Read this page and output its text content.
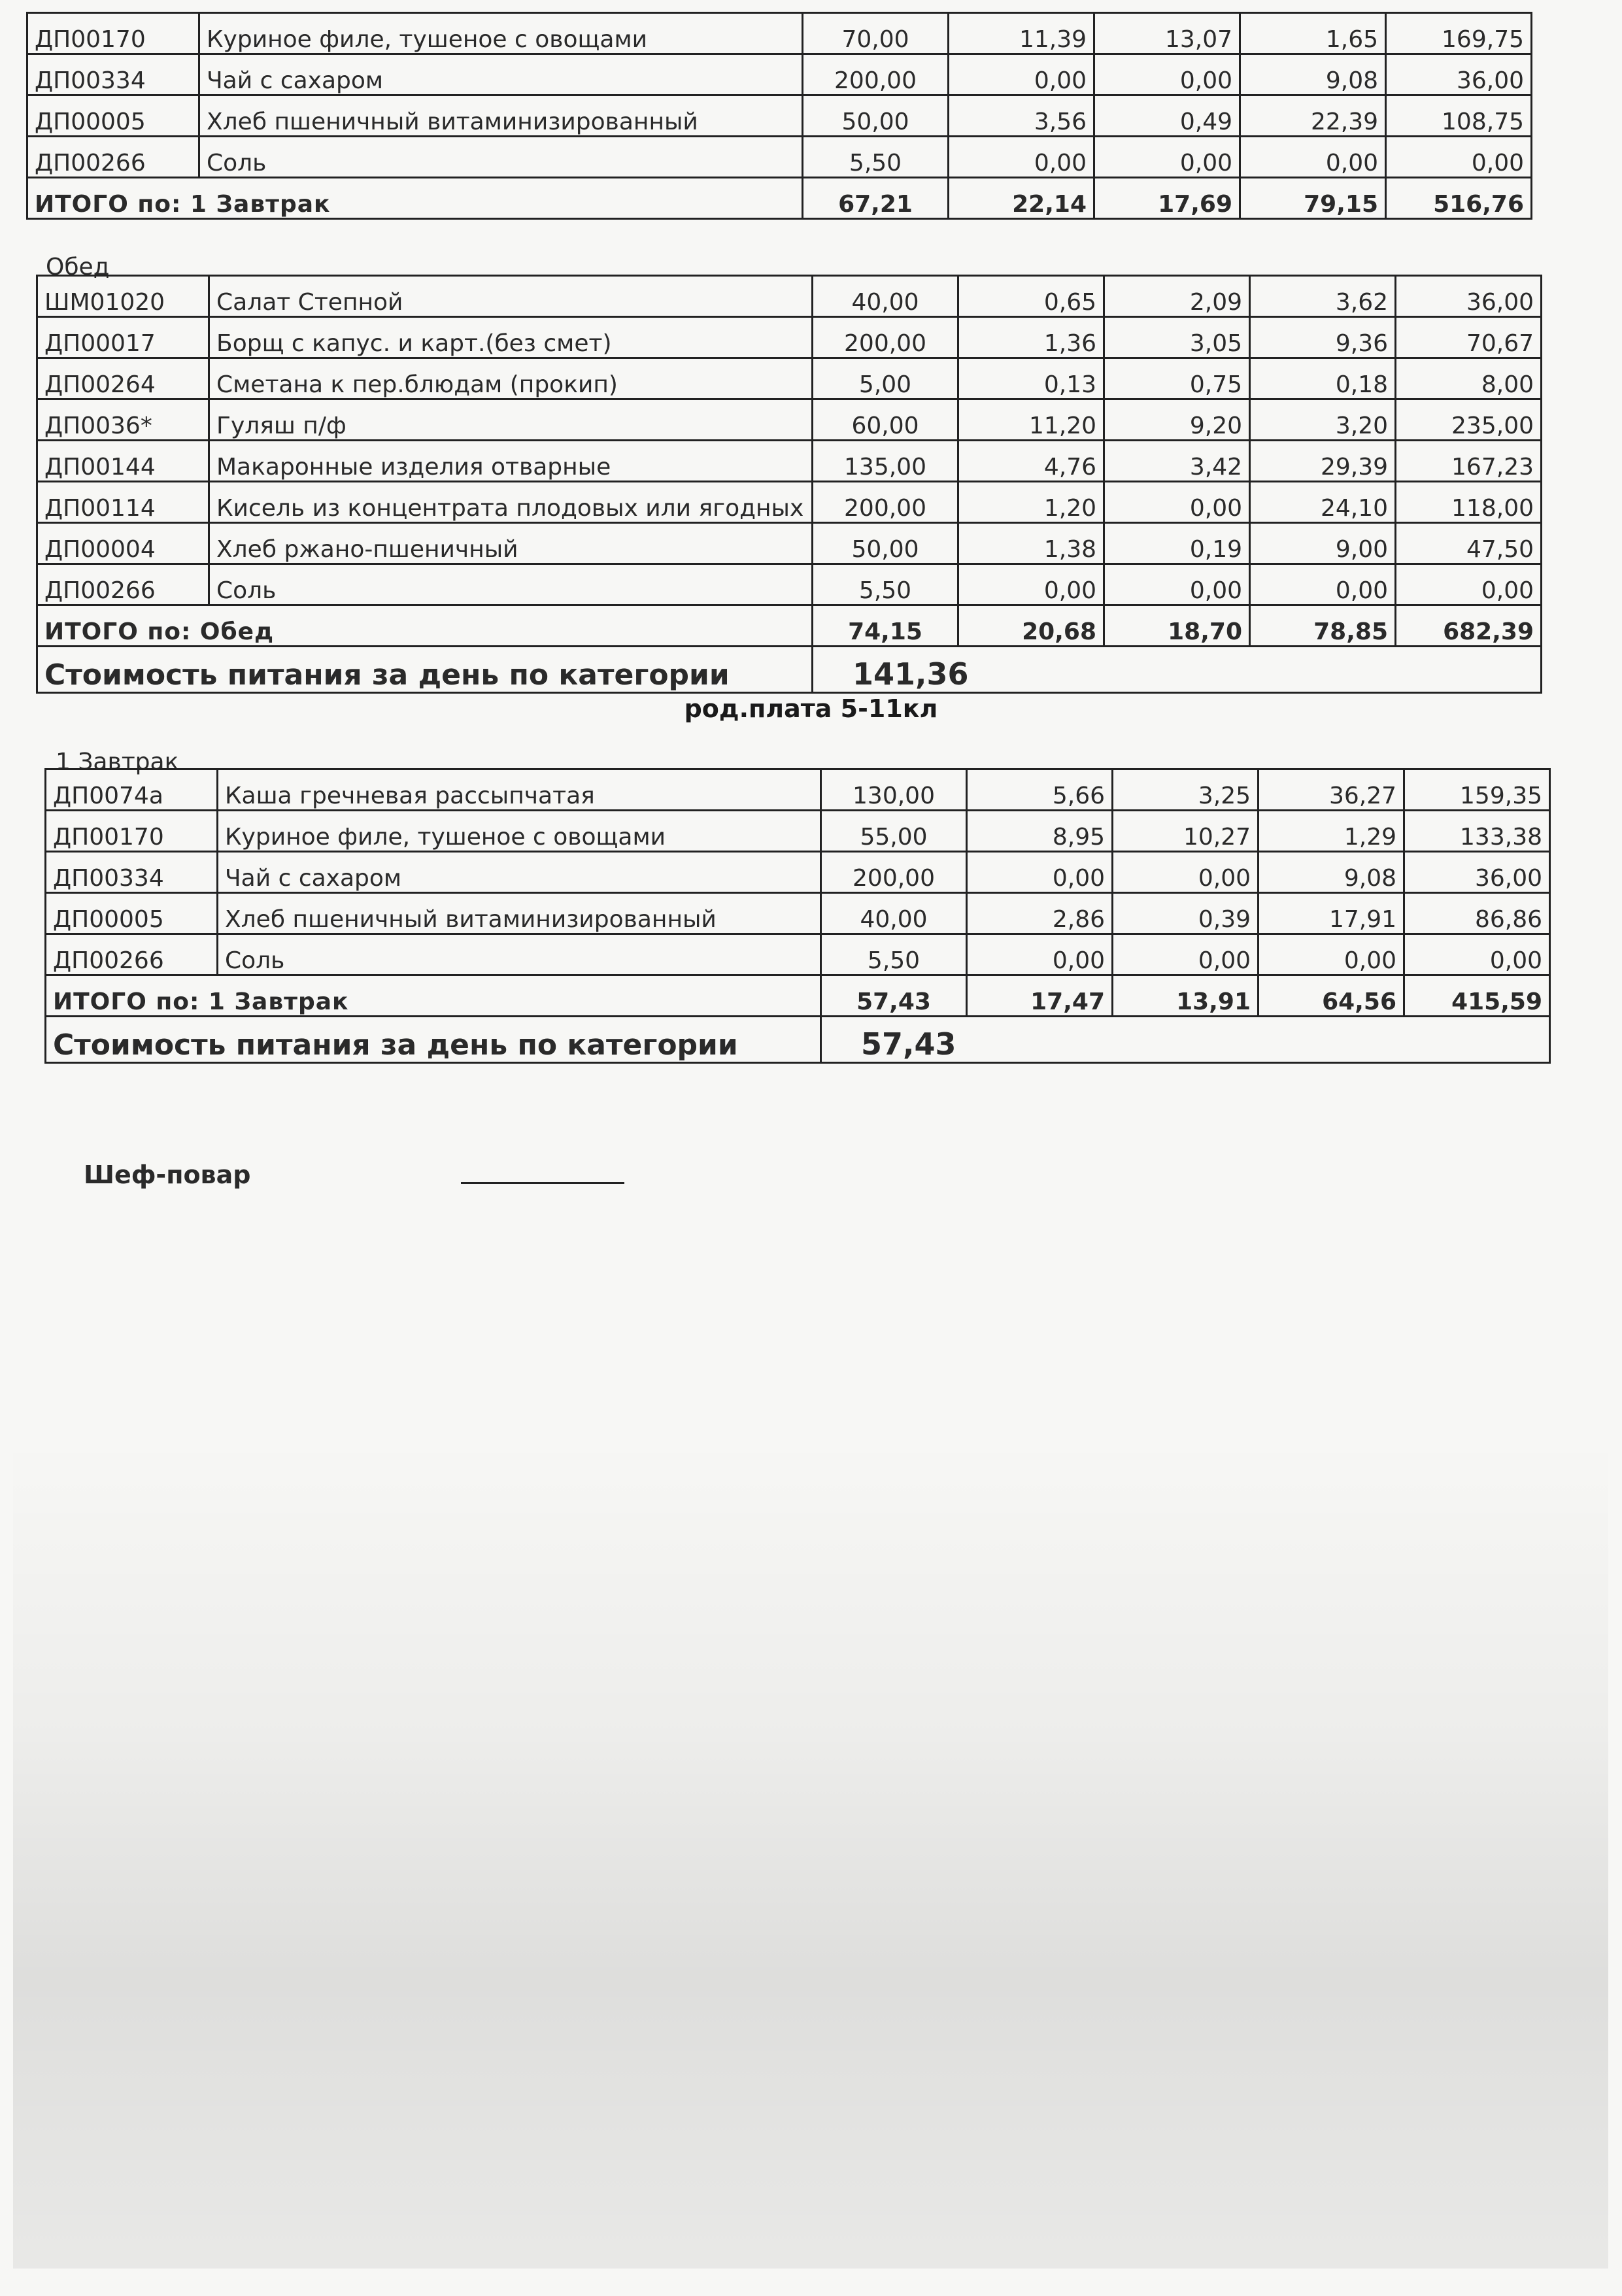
ДП00170	Куриное филе, тушеное с овощами	70,00	11,39	13,07	1,65	169,75
ДП00334	Чай с сахаром	200,00	0,00	0,00	9,08	36,00
ДП00005	Хлеб пшеничный витаминизированный	50,00	3,56	0,49	22,39	108,75
ДП00266	Соль	5,50	0,00	0,00	0,00	0,00
ИТОГО по: 1 Завтрак		67,21	22,14	17,69	79,15	516,76
Обед
ШМ01020	Салат Степной	40,00	0,65	2,09	3,62	36,00
ДП00017	Борщ с капус. и карт.(без смет)	200,00	1,36	3,05	9,36	70,67
ДП00264	Сметана к пер.блюдам (прокип)	5,00	0,13	0,75	0,18	8,00
ДП0036*	Гуляш п/ф	60,00	11,20	9,20	3,20	235,00
ДП00144	Макаронные изделия отварные	135,00	4,76	3,42	29,39	167,23
ДП00114	Кисель из концентрата плодовых или ягодных	200,00	1,20	0,00	24,10	118,00
ДП00004	Хлеб ржано-пшеничный	50,00	1,38	0,19	9,00	47,50
ДП00266	Соль	5,50	0,00	0,00	0,00	0,00
ИТОГО по: Обед		74,15	20,68	18,70	78,85	682,39
Стоимость питания за день по категории		141,36				
род.плата 5-11кл
1 Завтрак
ДП0074а	Каша гречневая рассыпчатая	130,00	5,66	3,25	36,27	159,35
ДП00170	Куриное филе, тушеное с овощами	55,00	8,95	10,27	1,29	133,38
ДП00334	Чай с сахаром	200,00	0,00	0,00	9,08	36,00
ДП00005	Хлеб пшеничный витаминизированный	40,00	2,86	0,39	17,91	86,86
ДП00266	Соль	5,50	0,00	0,00	0,00	0,00
ИТОГО по: 1 Завтрак		57,43	17,47	13,91	64,56	415,59
Стоимость питания за день по категории		57,43				
Шеф-повар
